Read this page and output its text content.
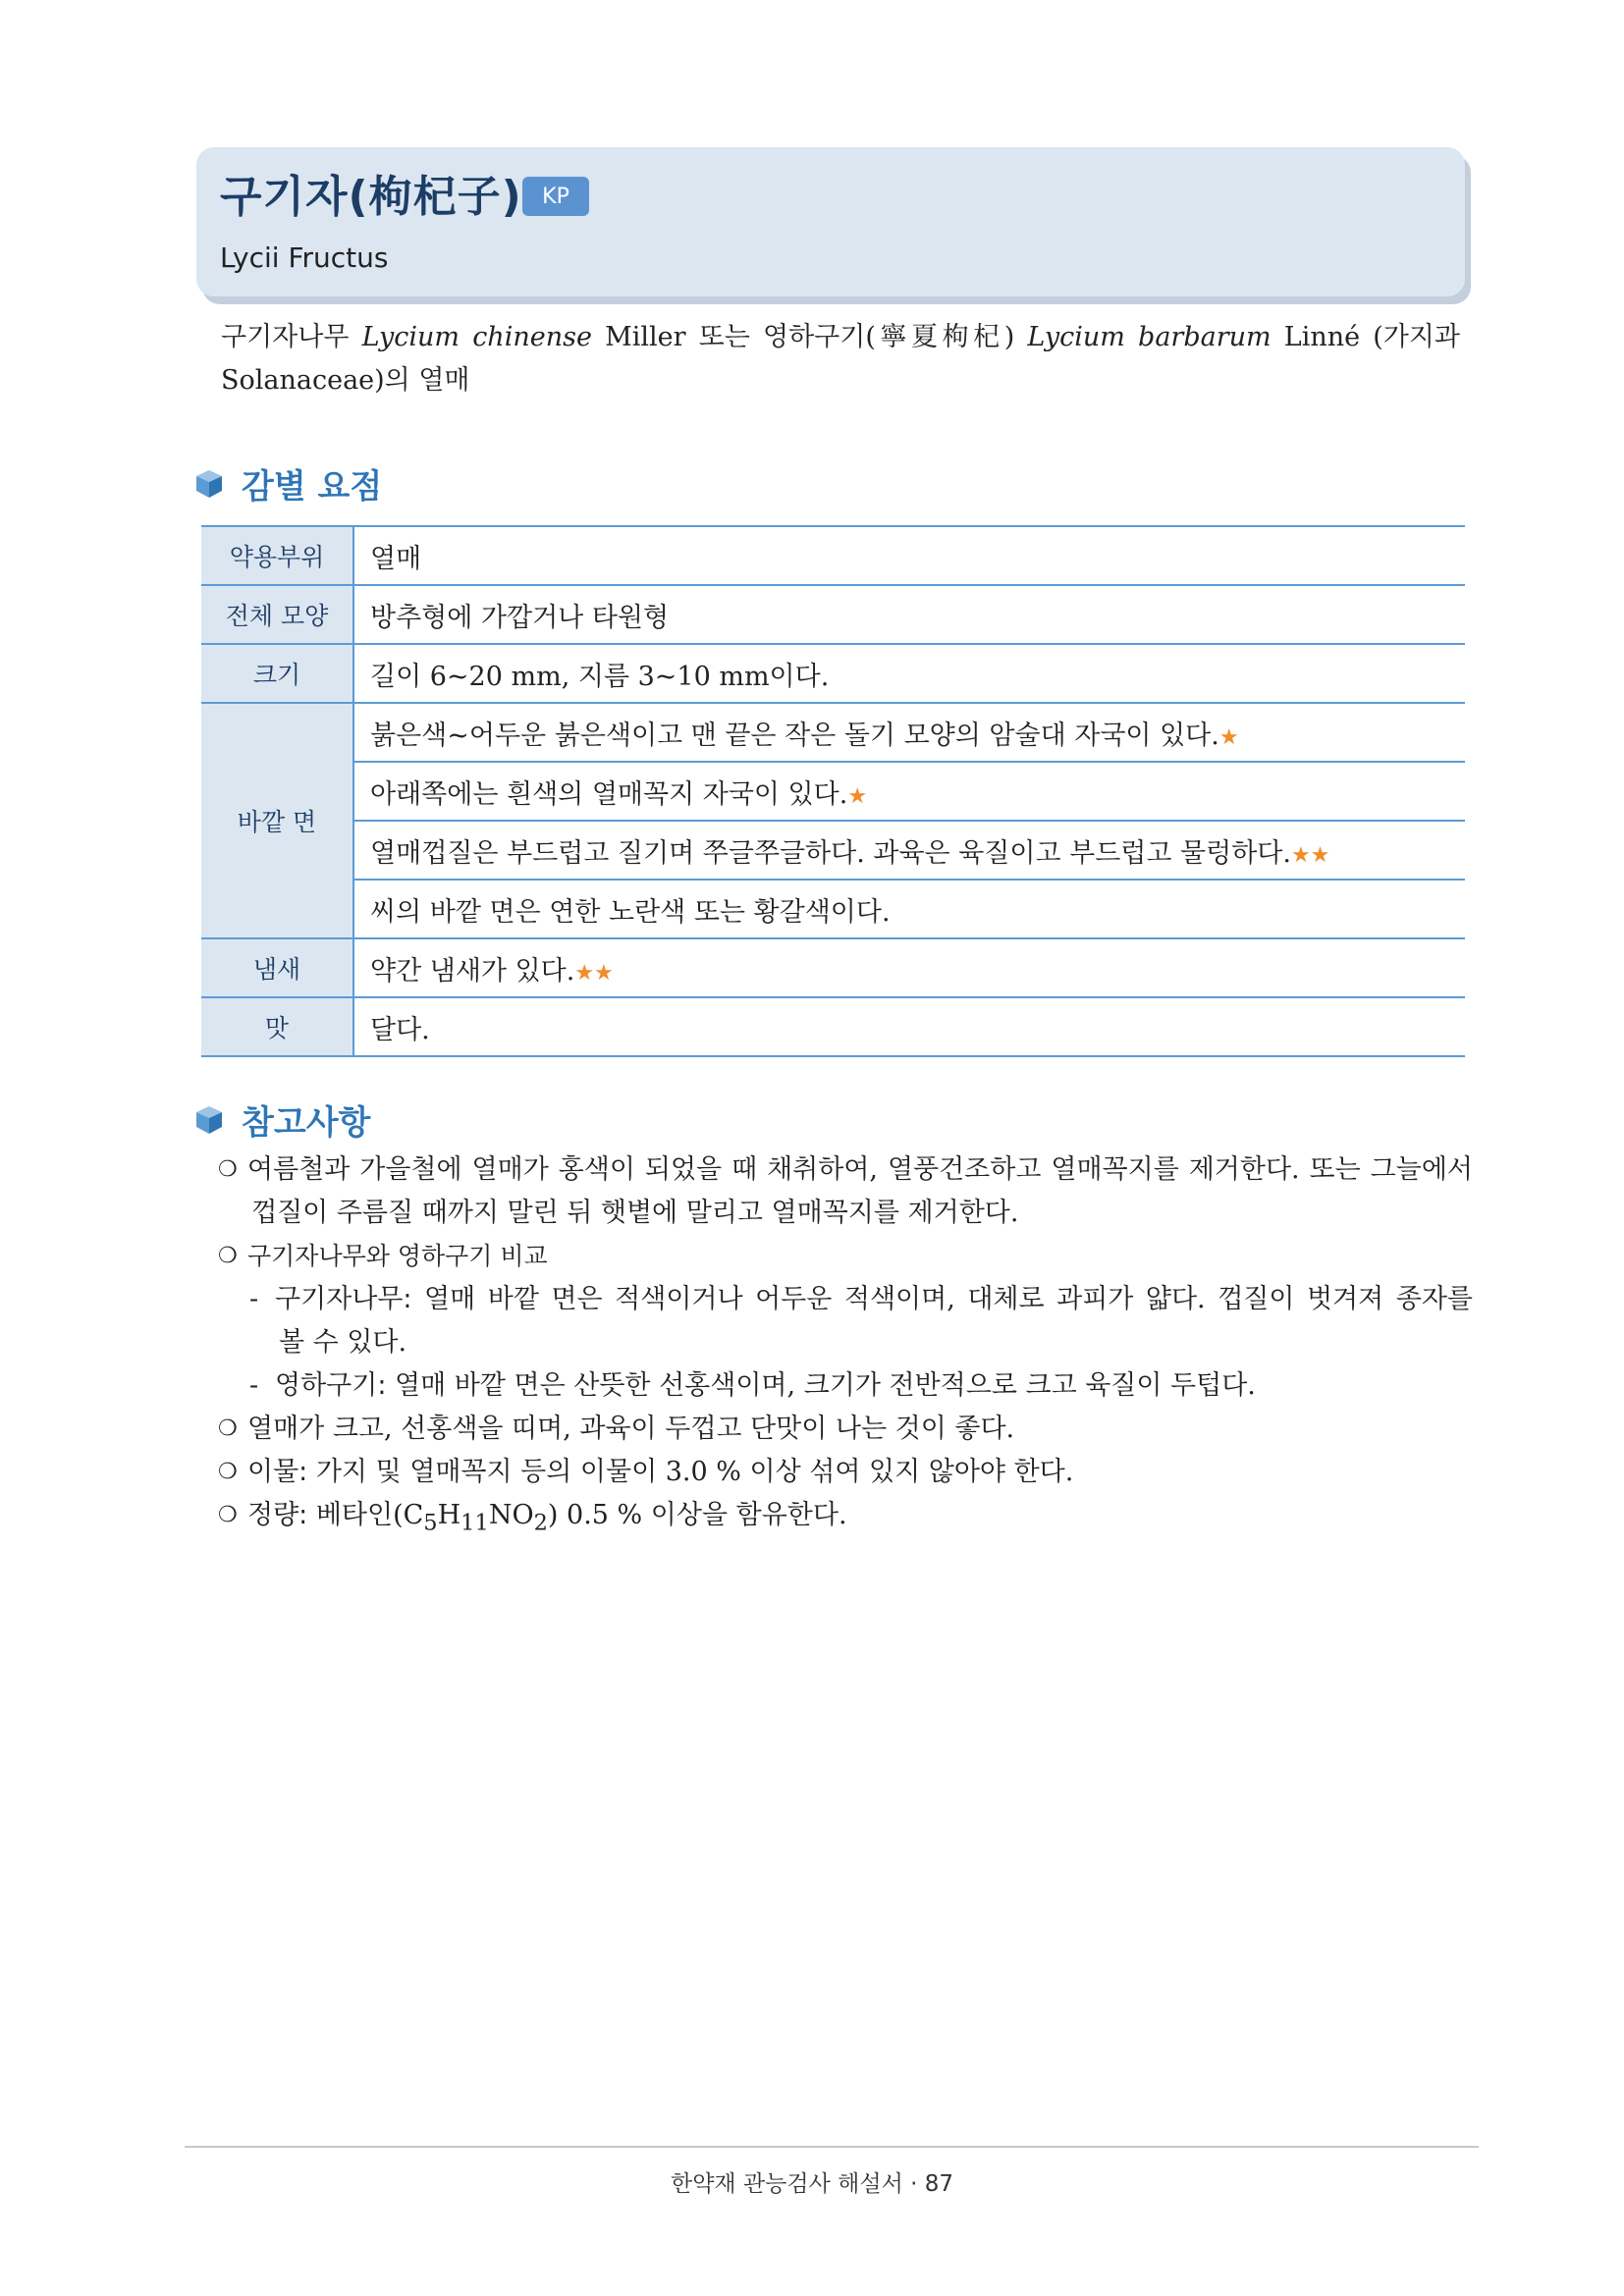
구기자(枸杞子) KP
Lycii Fructus
구기자나무 Lycium chinense Miller 또는 영하구기(寧夏枸杞) Lycium barbarum Linné (가지과
Solanaceae)의 열매
감별 요점
약용부위	열매
전체 모양	방추형에 가깝거나 타원형
크기	길이 6~20 mm, 지름 3~10 mm이다.
바깥 면	붉은색~어두운 붉은색이고 맨 끝은 작은 돌기 모양의 암술대 자국이 있다.★
	아래쪽에는 흰색의 열매꼭지 자국이 있다.★
	열매껍질은 부드럽고 질기며 쭈글쭈글하다. 과육은 육질이고 부드럽고 물렁하다.★★
	씨의 바깥 면은 연한 노란색 또는 황갈색이다.
냄새	약간 냄새가 있다.★★
맛	달다.
참고사항
❍ 여름철과 가을철에 열매가 홍색이 되었을 때 채취하여, 열풍건조하고 열매꼭지를 제거한다. 또는 그늘에서
껍질이 주름질 때까지 말린 뒤 햇볕에 말리고 열매꼭지를 제거한다.
❍ 구기자나무와 영하구기 비교
- 구기자나무: 열매 바깥 면은 적색이거나 어두운 적색이며, 대체로 과피가 얇다. 껍질이 벗겨져 종자를
볼 수 있다.
- 영하구기: 열매 바깥 면은 산뜻한 선홍색이며, 크기가 전반적으로 크고 육질이 두텁다.
❍ 열매가 크고, 선홍색을 띠며, 과육이 두껍고 단맛이 나는 것이 좋다.
❍ 이물: 가지 및 열매꼭지 등의 이물이 3.0 % 이상 섞여 있지 않아야 한다.
❍ 정량: 베타인$(C_5H_{11}NO_2)$ 0.5 % 이상을 함유한다.
한약재 관능검사 해설서 · 87
